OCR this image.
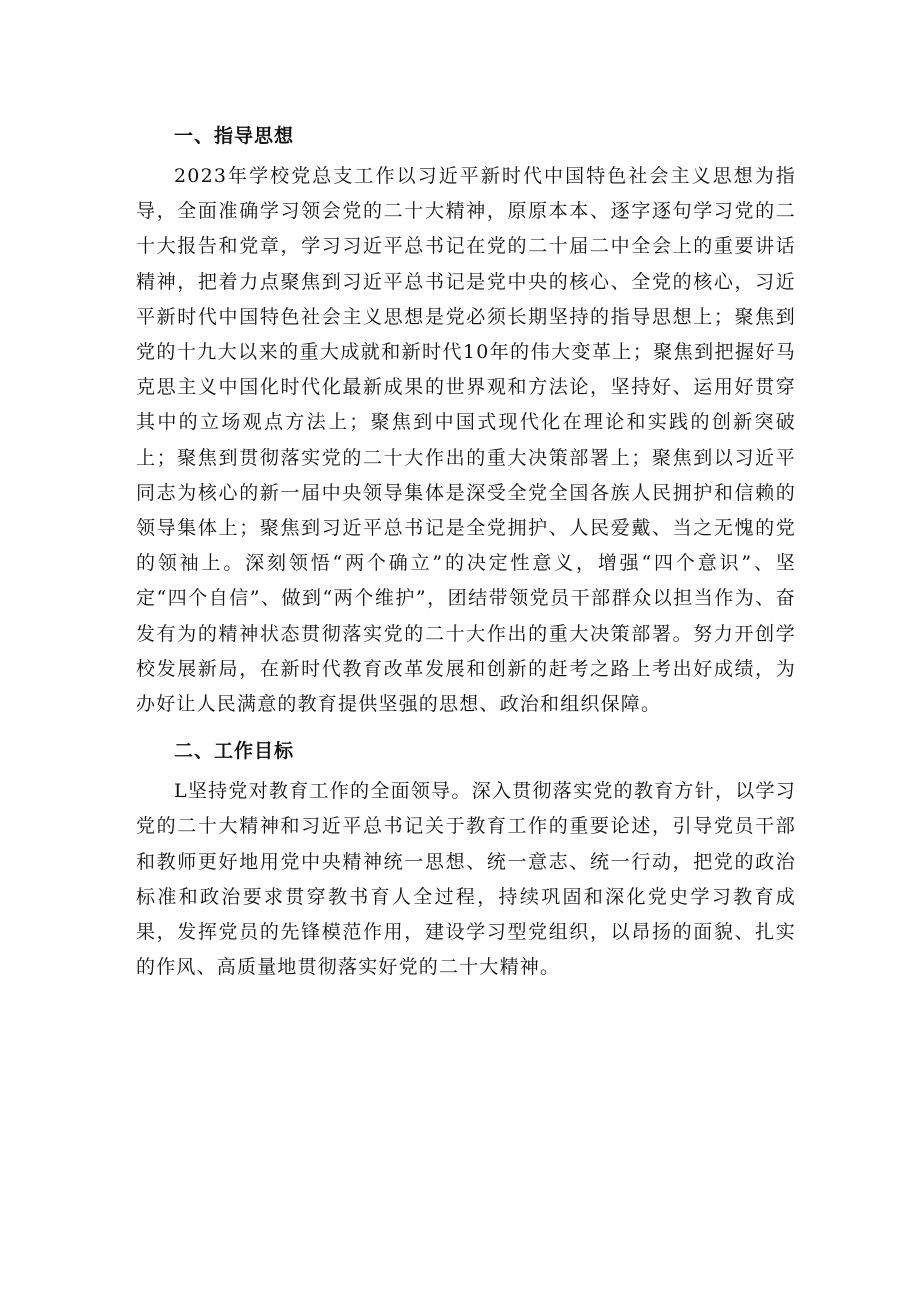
一、指导思想

2023年学校党总支工作以习近平新时代中国特色社会主义思想为指导，全面准确学习领会党的二十大精神，原原本本、逐字逐句学习党的二十大报告和党章，学习习近平总书记在党的二十届二中全会上的重要讲话精神，把着力点聚焦到习近平总书记是党中央的核心、全党的核心，习近平新时代中国特色社会主义思想是党必须长期坚持的指导思想上；聚焦到党的十九大以来的重大成就和新时代10年的伟大变革上；聚焦到把握好马克思主义中国化时代化最新成果的世界观和方法论，坚持好、运用好贯穿其中的立场观点方法上；聚焦到中国式现代化在理论和实践的创新突破上；聚焦到贯彻落实党的二十大作出的重大决策部署上；聚焦到以习近平同志为核心的新一届中央领导集体是深受全党全国各族人民拥护和信赖的领导集体上；聚焦到习近平总书记是全党拥护、人民爱戴、当之无愧的党的领袖上。深刻领悟“两个确立”的决定性意义，增强“四个意识”、坚定“四个自信”、做到“两个维护”，团结带领党员干部群众以担当作为、奋发有为的精神状态贯彻落实党的二十大作出的重大决策部署。努力开创学校发展新局，在新时代教育改革发展和创新的赶考之路上考出好成绩，为办好让人民满意的教育提供坚强的思想、政治和组织保障。

二、工作目标

L坚持党对教育工作的全面领导。深入贯彻落实党的教育方针，以学习党的二十大精神和习近平总书记关于教育工作的重要论述，引导党员干部和教师更好地用党中央精神统一思想、统一意志、统一行动，把党的政治标准和政治要求贯穿教书育人全过程，持续巩固和深化党史学习教育成果，发挥党员的先锋模范作用，建设学习型党组织，以昂扬的面貌、扎实的作风、高质量地贯彻落实好党的二十大精神。
